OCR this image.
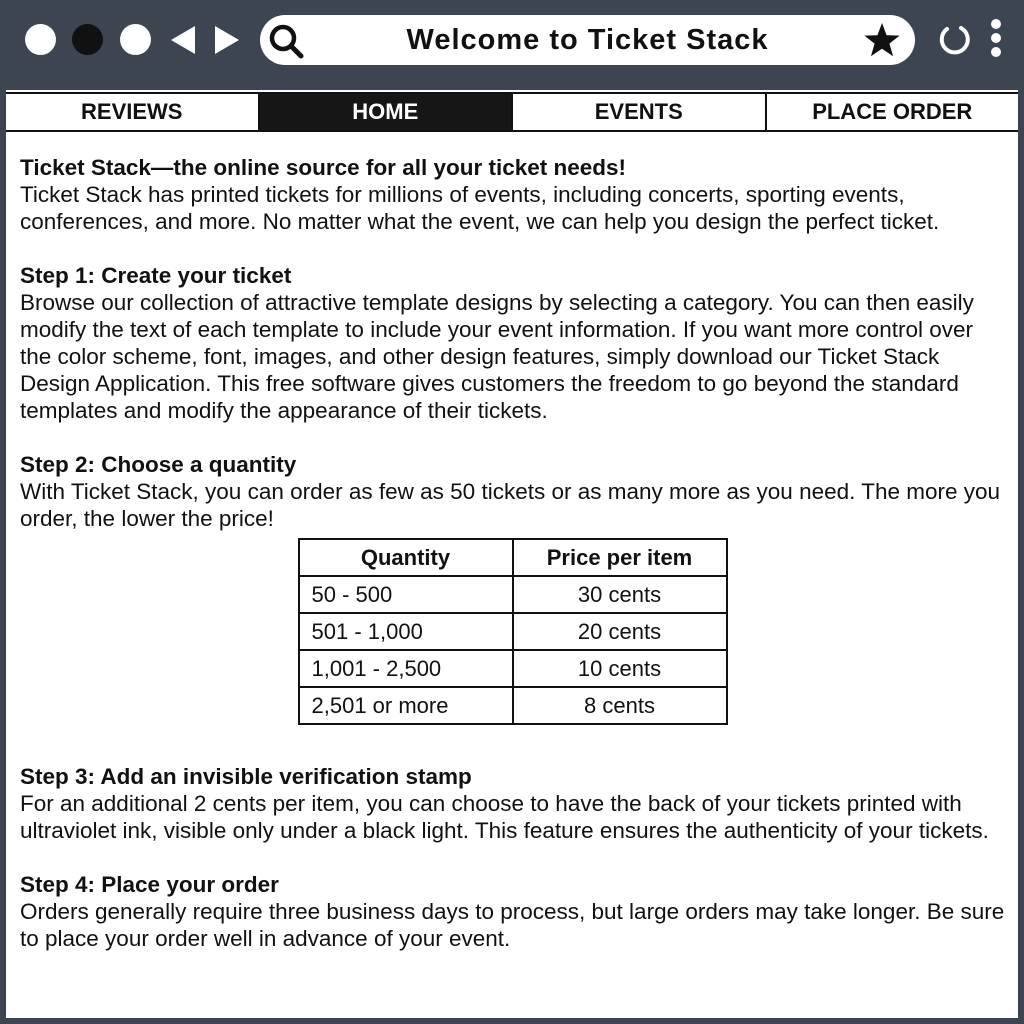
Welcome to Ticket Stack
REVIEWS	HOME	EVENTS	PLACE ORDER
Ticket Stack—the online source for all your ticket needs!
Ticket Stack has printed tickets for millions of events, including concerts, sporting events, conferences, and more. No matter what the event, we can help you design the perfect ticket.
Step 1: Create your ticket
Browse our collection of attractive template designs by selecting a category. You can then easily modify the text of each template to include your event information. If you want more control over the color scheme, font, images, and other design features, simply download our Ticket Stack Design Application. This free software gives customers the freedom to go beyond the standard templates and modify the appearance of their tickets.
Step 2: Choose a quantity
With Ticket Stack, you can order as few as 50 tickets or as many more as you need. The more you order, the lower the price!
Quantity	Price per item
50 - 500	30 cents
501 - 1,000	20 cents
1,001 - 2,500	10 cents
2,501 or more	8 cents
Step 3: Add an invisible verification stamp
For an additional 2 cents per item, you can choose to have the back of your tickets printed with ultraviolet ink, visible only under a black light. This feature ensures the authenticity of your tickets.
Step 4: Place your order
Orders generally require three business days to process, but large orders may take longer. Be sure to place your order well in advance of your event.
